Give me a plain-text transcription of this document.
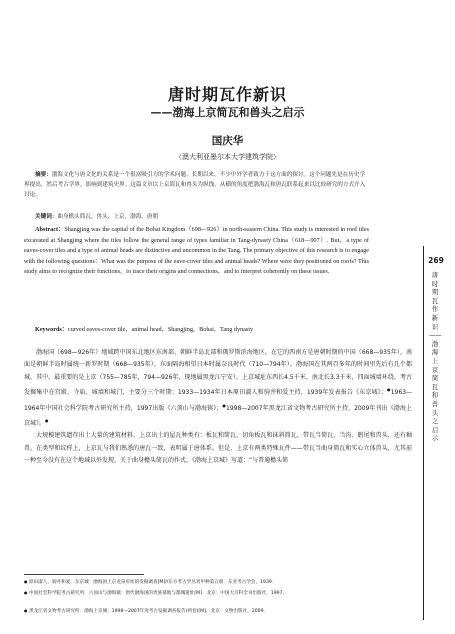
唐时期瓦作新识
——渤海上京简瓦和兽头之启示
国庆华
（澳大利亚墨尔本大学建筑学院）
摘要：渤海文化与唐文化的关系是一个很富吸引力的学术问题。长期以来，不少中外学者致力于这方面的探讨。这个问题先是在历史学界提出，然后考古学界，影响到建筑史界。这篇文章以上京简瓦和兽头为纵线，从横的角度把渤海瓦和唐瓦联系起来以比较研究的方式介入讨论。
关键词：曲身檐头简瓦，兽头，上京，渤海，唐朝
Abstract：Shangjing was the capital of the Bohai Kingdom（698—926）in north-eastern China. This study is interested in roof tiles excavated at Shangjing where the tiles follow the general range of types familiar in Tang-dynasty China（618—907）. But，a type of eaves-cover tiles and a type of animal heads are distinctive and uncommon in the Tang. The primary objective of this research is to engage with the following questions：What was the purpose of the eave-cover tiles and animal heads? Where were they positioned on roofs? This study aims to recognize their functions，to trace their origins and connections，and to interpret coherently on these issues.
Keywords：curved eaves-cover tile，animal head，Shangjing，Bohai，Tang dynasty

渤海国（698—926年）地域跨中国东北地区东南部、朝鲜半岛北部和俄罗斯滨海地区。在它的西南方是唐朝时期的中国（668—935年），南面是朝鲜半岛时属统一新罗时期（668—935年），东面隔海相望日本时属奈良时代（710—794年）。渤海国在其两百多年的时间里先后有几个都城，其中，最重要的是上京（755—785年，794—926年，现地属黑龙江宁安）。上京城址东西长4.5千米，南北长3.3千米，四面城墙环绕。考古发掘集中在宫殿、寺庙、城墙和城门，主要分三个时期：1933—1934年日本原田淑人和驹井和爱主持，1939年发表报告《东京城》；●1963—1964年中国社会科学院考古研究所主持，1997出版《六顶山与渤海镇》；●1998—2007年黑龙江省文物考古研究所主持，2009年刊出《渤海上京城》。●

大规模建筑遗存出土大量的建筑材料。上京出土的屋瓦种类有：板瓦和简瓦、切角板瓦和抹斜简瓦、带瓦当简瓦、当沟、鸱尾和兽头，还有釉兽。在类型和纹样上，上京瓦与我们熟悉的唐瓦一致，表明属于唐体系。但是，上京有两类特殊瓦件——带瓦当曲身简瓦和实心立体兽头，尤其前一种至今没有在这个地域以外发现，关于曲身檐头简瓦的作式，《渤海上京城》写道：“与普通檐头简

● 原田淑人，驹井和爱．东京城：渤海国上京龙泉府址的发掘调查[M]//东方考古学丛刊甲种第五册．东亚考古学会，1939．
● 中国社会科学院考古研究所．六顶山与渤海镇：唐代渤海国的贵族墓地与都城遗址[M]．北京：中国大百科全书出版社，1997．
● 黑龙江省文物考古研究所．渤海上京城：1998—2007年度考古发掘调查报告(两卷)[M]．北京：文物出版社，2009．
269
唐时期瓦作新识——渤海上京简瓦和兽头之启示
